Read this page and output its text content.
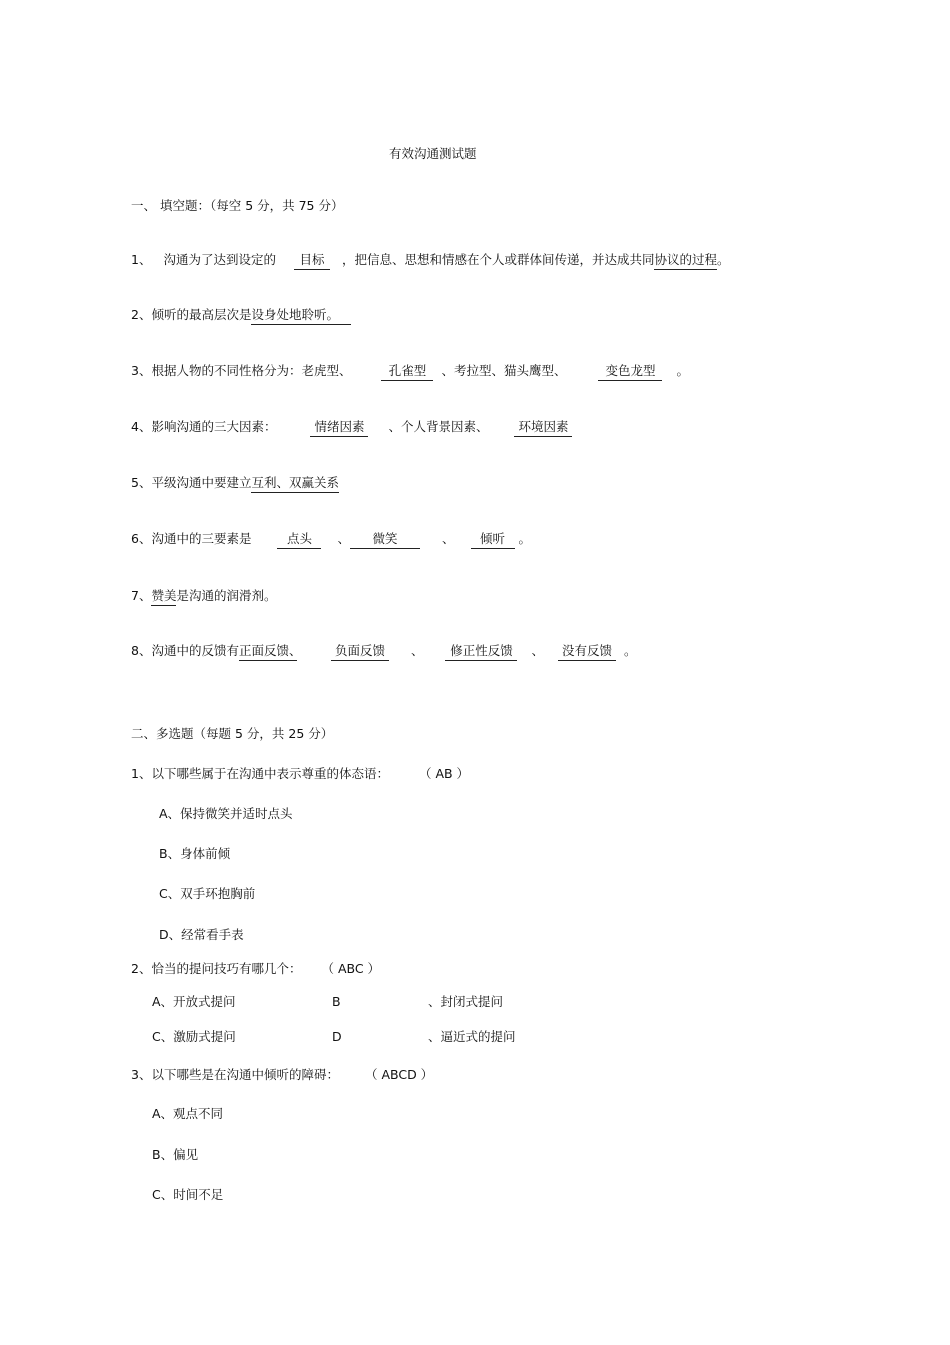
有效沟通测试题
一、 填空题：（每空 5 分，共 75 分）
1、 沟通为了达到设定的 目标 ，把信息、思想和情感在个人或群体间传递，并达成共同协议的过程。
2、倾听的最高层次是设身处地聆听。
3、根据人物的不同性格分为：老虎型、	孔雀型 、考拉型、猫头鹰型、	变色龙型 。
4、影响沟通的三大因素：	情绪因素 、个人背景因素、 环境因素
5、平级沟通中要建立互利、双赢关系
6、沟通中的三要素是	点头 、 微笑	、 倾听 。
7、赞美是沟通的润滑剂。
8、沟通中的反馈有正面反馈、	负面反馈 、 修正性反馈 、 没有反馈 。
二、多选题（每题 5 分，共 25 分）
1、以下哪些属于在沟通中表示尊重的体态语： （ AB ）
A、保持微笑并适时点头
B、身体前倾
C、双手环抱胸前
D、经常看手表
2、恰当的提问技巧有哪几个： （ ABC ）
A、开放式提问	B	、封闭式提问
C、激励式提问	D	、逼近式的提问
3、以下哪些是在沟通中倾听的障碍： （ ABCD ）
A、观点不同
B、偏见
C、时间不足
